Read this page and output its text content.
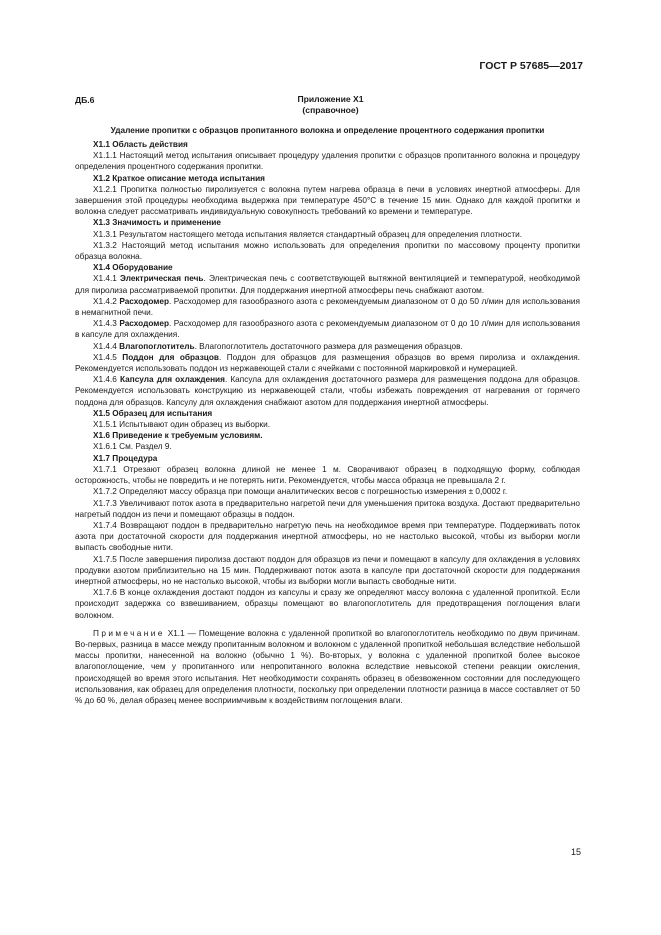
ГОСТ Р 57685—2017
ДБ.6	Приложение X1
(справочное)
Удаление пропитки с образцов пропитанного волокна и определение процентного содержания пропитки

X1.1 Область действия

X1.1.1 Настоящий метод испытания описывает процедуру удаления пропитки с образцов пропитанного волокна и процедуру определения процентного содержания пропитки.

X1.2 Краткое описание метода испытания

X1.2.1 Пропитка полностью пиролизуется с волокна путем нагрева образца в печи в условиях инертной атмосферы. Для завершения этой процедуры необходима выдержка при температуре 450°С в течение 15 мин. Однако для каждой пропитки и волокна следует рассматривать индивидуальную совокупность требований ко времени и температуре.

X1.3 Значимость и применение

X1.3.1 Результатом настоящего метода испытания является стандартный образец для определения плотности.

X1.3.2 Настоящий метод испытания можно использовать для определения пропитки по массовому проценту пропитки образца волокна.

X1.4 Оборудование

X1.4.1 Электрическая печь. Электрическая печь с соответствующей вытяжной вентиляцией и температурой, необходимой для пиролиза рассматриваемой пропитки. Для поддержания инертной атмосферы печь снабжают азотом.

X1.4.2 Расходомер. Расходомер для газообразного азота с рекомендуемым диапазоном от 0 до 50 л/мин для использования в немагнитной печи.

X1.4.3 Расходомер. Расходомер для газообразного азота с рекомендуемым диапазоном от 0 до 10 л/мин для использования в капсуле для охлаждения.

X1.4.4 Влагопоглотитель. Влагопоглотитель достаточного размера для размещения образцов.

X1.4.5 Поддон для образцов. Поддон для образцов для размещения образцов во время пиролиза и охлаждения. Рекомендуется использовать поддон из нержавеющей стали с ячейками с постоянной маркировкой и нумерацией.

X1.4.6 Капсула для охлаждения. Капсула для охлаждения достаточного размера для размещения поддона для образцов. Рекомендуется использовать конструкцию из нержавеющей стали, чтобы избежать повреждения от нагревания от горячего поддона для образцов. Капсулу для охлаждения снабжают азотом для поддержания инертной атмосферы.

X1.5 Образец для испытания

X1.5.1 Испытывают один образец из выборки.

X1.6 Приведение к требуемым условиям.

X1.6.1 См. Раздел 9.

X1.7 Процедура

X1.7.1 Отрезают образец волокна длиной не менее 1 м. Сворачивают образец в подходящую форму, соблюдая осторожность, чтобы не повредить и не потерять нити. Рекомендуется, чтобы масса образца не превышала 2 г.

X1.7.2 Определяют массу образца при помощи аналитических весов с погрешностью измерения ± 0,0002 г.

X1.7.3 Увеличивают поток азота в предварительно нагретой печи для уменьшения притока воздуха. Достают предварительно нагретый поддон из печи и помещают образцы в поддон.

X1.7.4 Возвращают поддон в предварительно нагретую печь на необходимое время при температуре. Поддерживать поток азота при достаточной скорости для поддержания инертной атмосферы, но не настолько высокой, чтобы из выборки могли выпасть свободные нити.

X1.7.5 После завершения пиролиза достают поддон для образцов из печи и помещают в капсулу для охлаждения в условиях продувки азотом приблизительно на 15 мин. Поддерживают поток азота в капсуле при достаточной скорости для поддержания инертной атмосферы, но не настолько высокой, чтобы из выборки могли выпасть свободные нити.

X1.7.6 В конце охлаждения достают поддон из капсулы и сразу же определяют массу волокна с удаленной пропиткой. Если происходит задержка со взвешиванием, образцы помещают во влагопоглотитель для предотвращения поглощения влаги волокном.

Примечание X1.1 — Помещение волокна с удаленной пропиткой во влагопоглотитель необходимо по двум причинам. Во-первых, разница в массе между пропитанным волокном и волокном с удаленной пропиткой небольшая вследствие небольшой массы пропитки, нанесенной на волокно (обычно 1 %). Во-вторых, у волокна с удаленной пропиткой более высокое влагопоглощение, чем у пропитанного или непропитанного волокна вследствие невысокой степени реакции окисления, происходящей во время этого испытания. Нет необходимости сохранять образец в обезвоженном состоянии для последующего использования, как образец для определения плотности, поскольку при определении плотности разница в массе составляет от 50 % до 60 %, делая образец менее восприимчивым к воздействиям поглощения влаги.

15
